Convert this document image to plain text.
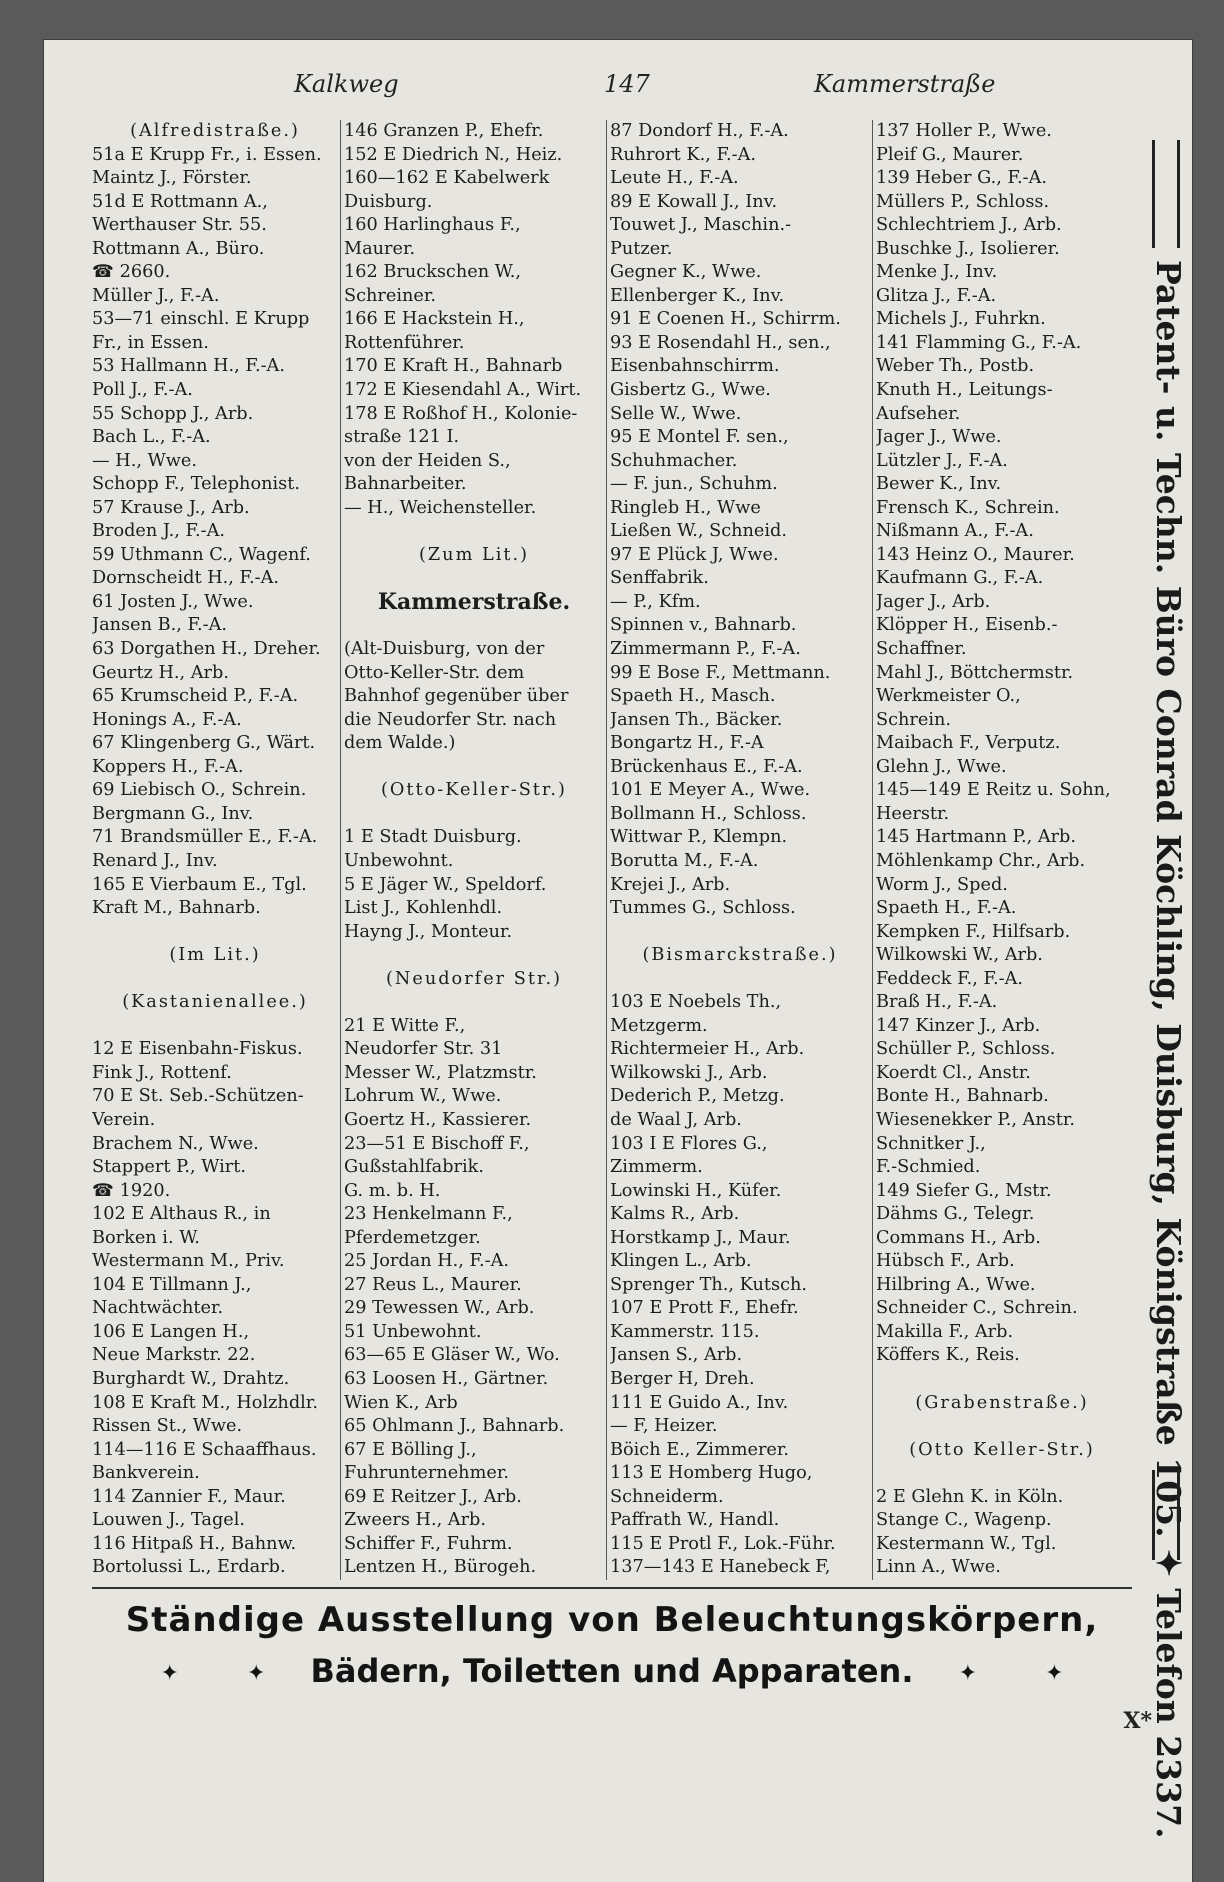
Kalkweg	147	Kammerstraße
(Alfredistraße.)
51a E Krupp Fr., i. Essen.
Maintz J., Förster.
51d E Rottmann A.,
Werthauser Str. 55.
Rottmann A., Büro.
☎ 2660.
Müller J., F.-A.
53—71 einschl. E Krupp
Fr., in Essen.
53 Hallmann H., F.-A.
Poll J., F.-A.
55 Schopp J., Arb.
Bach L., F.-A.
— H., Wwe.
Schopp F., Telephonist.
57 Krause J., Arb.
Broden J., F.-A.
59 Uthmann C., Wagenf.
Dornscheidt H., F.-A.
61 Josten J., Wwe.
Jansen B., F.-A.
63 Dorgathen H., Dreher.
Geurtz H., Arb.
65 Krumscheid P., F.-A.
Honings A., F.-A.
67 Klingenberg G., Wärt.
Koppers H., F.-A.
69 Liebisch O., Schrein.
Bergmann G., Inv.
71 Brandsmüller E., F.-A.
Renard J., Inv.
165 E Vierbaum E., Tgl.
Kraft M., Bahnarb.
(Im Lit.)
(Kastanienallee.)
12 E Eisenbahn-Fiskus.
Fink J., Rottenf.
70 E St. Seb.-Schützen-
Verein.
Brachem N., Wwe.
Stappert P., Wirt.
☎ 1920.
102 E Althaus R., in
Borken i. W.
Westermann M., Priv.
104 E Tillmann J.,
Nachtwächter.
106 E Langen H.,
Neue Markstr. 22.
Burghardt W., Drahtz.
108 E Kraft M., Holzhdlr.
Rissen St., Wwe.
114—116 E Schaaffhaus.
Bankverein.
114 Zannier F., Maur.
Louwen J., Tagel.
116 Hitpaß H., Bahnw.
Bortolussi L., Erdarb.
146 Granzen P., Ehefr.
152 E Diedrich N., Heiz.
160—162 E Kabelwerk
Duisburg.
160 Harlinghaus F.,
Maurer.
162 Bruckschen W.,
Schreiner.
166 E Hackstein H.,
Rottenführer.
170 E Kraft H., Bahnarb
172 E Kiesendahl A., Wirt.
178 E Roßhof H., Kolonie-
straße 121 I.
von der Heiden S.,
Bahnarbeiter.
— H., Weichensteller.
(Zum Lit.)
Kammerstraße.
(Alt-Duisburg, von der
Otto-Keller-Str. dem
Bahnhof gegenüber über
die Neudorfer Str. nach
dem Walde.)
(Otto-Keller-Str.)
1 E Stadt Duisburg.
Unbewohnt.
5 E Jäger W., Speldorf.
List J., Kohlenhdl.
Hayng J., Monteur.
(Neudorfer Str.)
21 E Witte F.,
Neudorfer Str. 31
Messer W., Platzmstr.
Lohrum W., Wwe.
Goertz H., Kassierer.
23—51 E Bischoff F.,
Gußstahlfabrik.
G. m. b. H.
23 Henkelmann F.,
Pferdemetzger.
25 Jordan H., F.-A.
27 Reus L., Maurer.
29 Tewessen W., Arb.
51 Unbewohnt.
63—65 E Gläser W., Wo.
63 Loosen H., Gärtner.
Wien K., Arb
65 Ohlmann J., Bahnarb.
67 E Bölling J.,
Fuhrunternehmer.
69 E Reitzer J., Arb.
Zweers H., Arb.
Schiffer F., Fuhrm.
Lentzen H., Bürogeh.
87 Dondorf H., F.-A.
Ruhrort K., F.-A.
Leute H., F.-A.
89 E Kowall J., Inv.
Touwet J., Maschin.-
Putzer.
Gegner K., Wwe.
Ellenberger K., Inv.
91 E Coenen H., Schirrm.
93 E Rosendahl H., sen.,
Eisenbahnschirrm.
Gisbertz G., Wwe.
Selle W., Wwe.
95 E Montel F. sen.,
Schuhmacher.
— F. jun., Schuhm.
Ringleb H., Wwe
Ließen W., Schneid.
97 E Plück J, Wwe.
Senffabrik.
— P., Kfm.
Spinnen v., Bahnarb.
Zimmermann P., F.-A.
99 E Bose F., Mettmann.
Spaeth H., Masch.
Jansen Th., Bäcker.
Bongartz H., F.-A
Brückenhaus E., F.-A.
101 E Meyer A., Wwe.
Bollmann H., Schloss.
Wittwar P., Klempn.
Borutta M., F.-A.
Krejei J., Arb.
Tummes G., Schloss.
(Bismarckstraße.)
103 E Noebels Th.,
Metzgerm.
Richtermeier H., Arb.
Wilkowski J., Arb.
Dederich P., Metzg.
de Waal J, Arb.
103 I E Flores G.,
Zimmerm.
Lowinski H., Küfer.
Kalms R., Arb.
Horstkamp J., Maur.
Klingen L., Arb.
Sprenger Th., Kutsch.
107 E Prott F., Ehefr.
Kammerstr. 115.
Jansen S., Arb.
Berger H, Dreh.
111 E Guido A., Inv.
— F, Heizer.
Böich E., Zimmerer.
113 E Homberg Hugo,
Schneiderm.
Paffrath W., Handl.
115 E Protl F., Lok.-Führ.
137—143 E Hanebeck F,
137 Holler P., Wwe.
Pleif G., Maurer.
139 Heber G., F.-A.
Müllers P., Schloss.
Schlechtriem J., Arb.
Buschke J., Isolierer.
Menke J., Inv.
Glitza J., F.-A.
Michels J., Fuhrkn.
141 Flamming G., F.-A.
Weber Th., Postb.
Knuth H., Leitungs-
Aufseher.
Jager J., Wwe.
Lützler J., F.-A.
Bewer K., Inv.
Frensch K., Schrein.
Nißmann A., F.-A.
143 Heinz O., Maurer.
Kaufmann G., F.-A.
Jager J., Arb.
Klöpper H., Eisenb.-
Schaffner.
Mahl J., Böttchermstr.
Werkmeister O.,
Schrein.
Maibach F., Verputz.
Glehn J., Wwe.
145—149 E Reitz u. Sohn,
Heerstr.
145 Hartmann P., Arb.
Möhlenkamp Chr., Arb.
Worm J., Sped.
Spaeth H., F.-A.
Kempken F., Hilfsarb.
Wilkowski W., Arb.
Feddeck F., F.-A.
Braß H., F.-A.
147 Kinzer J., Arb.
Schüller P., Schloss.
Koerdt Cl., Anstr.
Bonte H., Bahnarb.
Wiesenekker P., Anstr.
Schnitker J.,
F.-Schmied.
149 Siefer G., Mstr.
Dähms G., Telegr.
Commans H., Arb.
Hübsch F., Arb.
Hilbring A., Wwe.
Schneider C., Schrein.
Makilla F., Arb.
Köffers K., Reis.
(Grabenstraße.)
(Otto Keller-Str.)
2 E Glehn K. in Köln.
Stange C., Wagenp.
Kestermann W., Tgl.
Linn A., Wwe.	Patent- u. Techn. Büro Conrad Köchling, Duisburg, Königstraße 105. ✦ Telefon 2337.
Ständige Ausstellung von Beleuchtungskörpern,
✦	✦ Bädern, Toiletten und Apparaten. ✦	✦
X*
